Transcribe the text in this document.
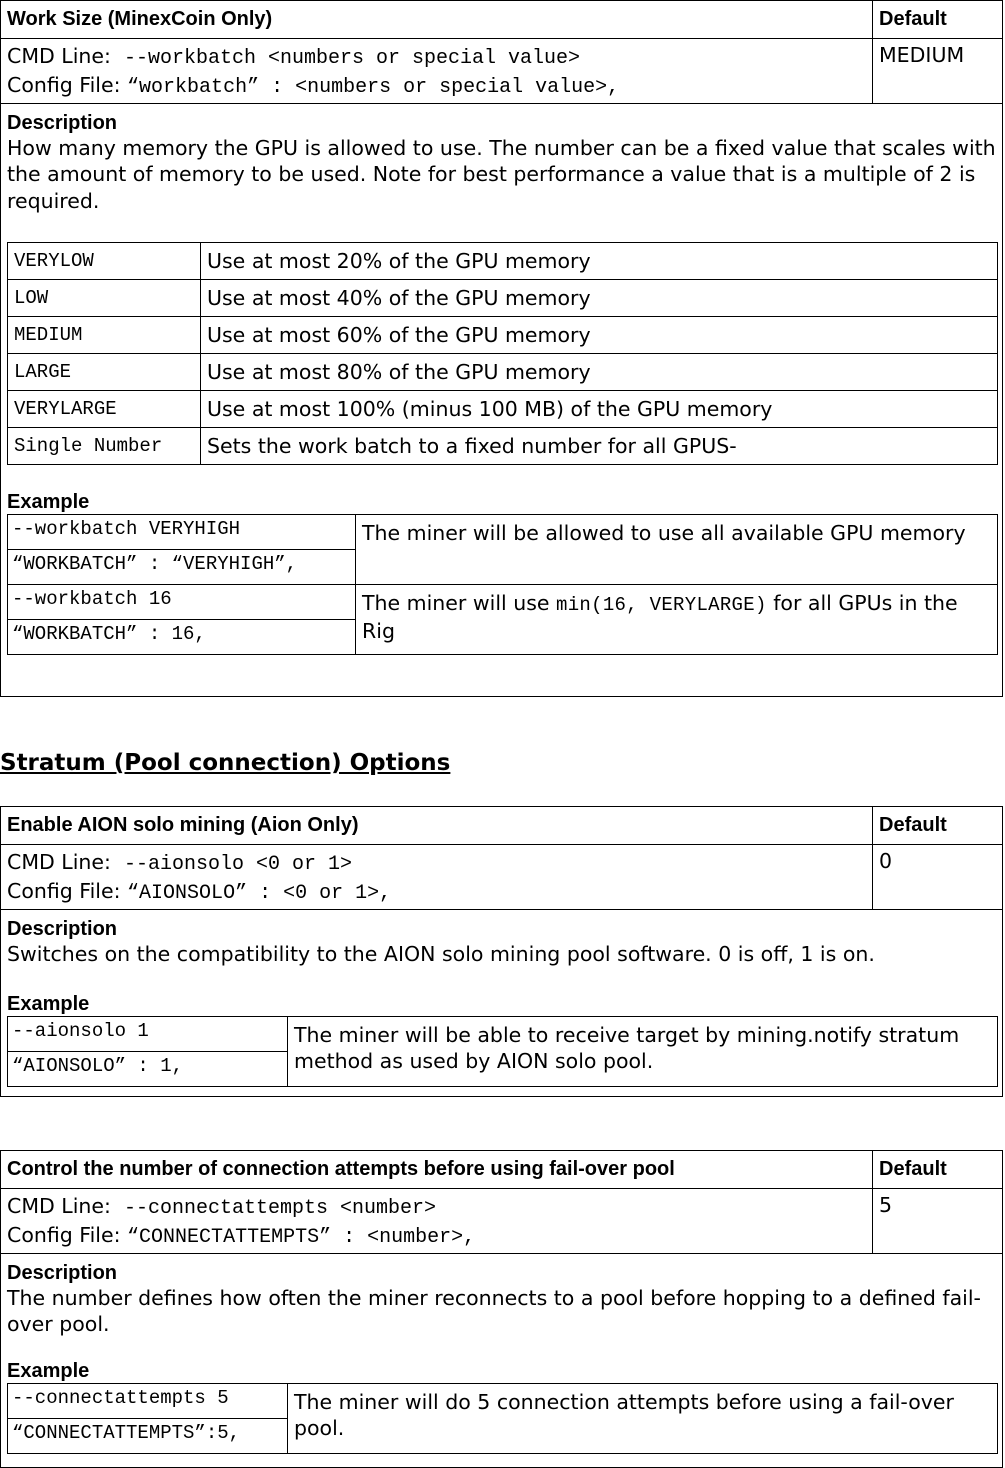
Work Size (MinexCoin Only)	Default
CMD Line: --workbatch <numbers or special value>
Config File: “workbatch” : <numbers or special value>,
MEDIUM
Description
How many memory the GPU is allowed to use. The number can be a fixed value that scales with the amount of memory to be used. Note for best performance a value that is a multiple of 2 is required.
VERYLOW	Use at most 20% of the GPU memory
LOW	Use at most 40% of the GPU memory
MEDIUM	Use at most 60% of the GPU memory
LARGE	Use at most 80% of the GPU memory
VERYLARGE	Use at most 100% (minus 100 MB) of the GPU memory
Single Number	Sets the work batch to a fixed number for all GPUS-
Example
--workbatch VERYHIGH	The miner will be allowed to use all available GPU memory
“WORKBATCH” : “VERYHIGH”,	
--workbatch 16	The miner will use min(16, VERYLARGE) for all GPUs in the Rig
“WORKBATCH” : 16,	
Stratum (Pool connection) Options
Enable AION solo mining (Aion Only)	Default
CMD Line: --aionsolo <0 or 1>
Config File: “AIONSOLO” : <0 or 1>,
0
Description
Switches on the compatibility to the AION solo mining pool software. 0 is off, 1 is on.
Example
--aionsolo 1	The miner will be able to receive target by mining.notify stratum method as used by AION solo pool.
“AIONSOLO” : 1,
Control the number of connection attempts before using fail-over pool	Default
CMD Line: --connectattempts <number>
Config File: “CONNECTATTEMPTS” : <number>,
5
Description
The number defines how often the miner reconnects to a pool before hopping to a defined fail-over pool.
Example
--connectattempts 5	The miner will do 5 connection attempts before using a fail-over pool.
“CONNECTATTEMPTS”:5,
